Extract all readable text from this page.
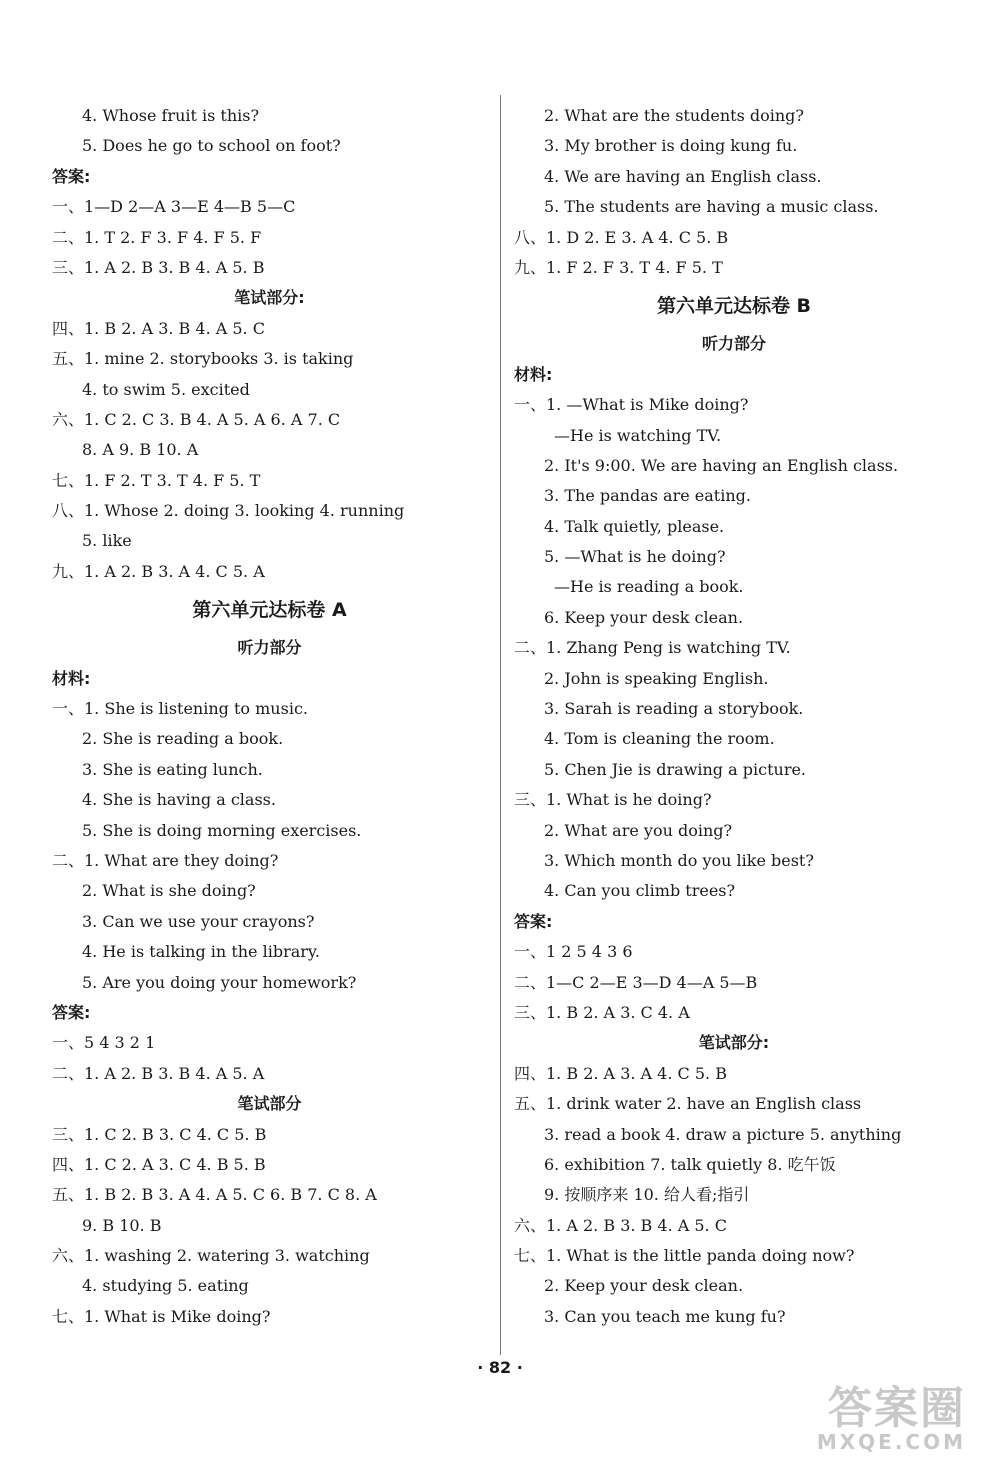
4. Whose fruit is this?
5. Does he go to school on foot?
答案:
一、1—D 2—A 3—E 4—B 5—C
二、1. T 2. F 3. F 4. F 5. F
三、1. A 2. B 3. B 4. A 5. B
笔试部分:
四、1. B 2. A 3. B 4. A 5. C
五、1. mine 2. storybooks 3. is taking
4. to swim 5. excited
六、1. C 2. C 3. B 4. A 5. A 6. A 7. C
8. A 9. B 10. A
七、1. F 2. T 3. T 4. F 5. T
八、1. Whose 2. doing 3. looking 4. running
5. like
九、1. A 2. B 3. A 4. C 5. A
第六单元达标卷 A
听力部分
材料:
一、1. She is listening to music.
2. She is reading a book.
3. She is eating lunch.
4. She is having a class.
5. She is doing morning exercises.
二、1. What are they doing?
2. What is she doing?
3. Can we use your crayons?
4. He is talking in the library.
5. Are you doing your homework?
答案:
一、5 4 3 2 1
二、1. A 2. B 3. B 4. A 5. A
笔试部分
三、1. C 2. B 3. C 4. C 5. B
四、1. C 2. A 3. C 4. B 5. B
五、1. B 2. B 3. A 4. A 5. C 6. B 7. C 8. A
9. B 10. B
六、1. washing 2. watering 3. watching
4. studying 5. eating
七、1. What is Mike doing?
2. What are the students doing?
3. My brother is doing kung fu.
4. We are having an English class.
5. The students are having a music class.
八、1. D 2. E 3. A 4. C 5. B
九、1. F 2. F 3. T 4. F 5. T
第六单元达标卷 B
听力部分
材料:
一、1. —What is Mike doing?
—He is watching TV.
2. It's 9:00. We are having an English class.
3. The pandas are eating.
4. Talk quietly, please.
5. —What is he doing?
—He is reading a book.
6. Keep your desk clean.
二、1. Zhang Peng is watching TV.
2. John is speaking English.
3. Sarah is reading a storybook.
4. Tom is cleaning the room.
5. Chen Jie is drawing a picture.
三、1. What is he doing?
2. What are you doing?
3. Which month do you like best?
4. Can you climb trees?
答案:
一、1 2 5 4 3 6
二、1—C 2—E 3—D 4—A 5—B
三、1. B 2. A 3. C 4. A
笔试部分:
四、1. B 2. A 3. A 4. C 5. B
五、1. drink water 2. have an English class
3. read a book 4. draw a picture 5. anything
6. exhibition 7. talk quietly 8. 吃午饭
9. 按顺序来 10. 给人看;指引
六、1. A 2. B 3. B 4. A 5. C
七、1. What is the little panda doing now?
2. Keep your desk clean.
3. Can you teach me kung fu?
· 82 ·
答案圈
MXQE.COM
